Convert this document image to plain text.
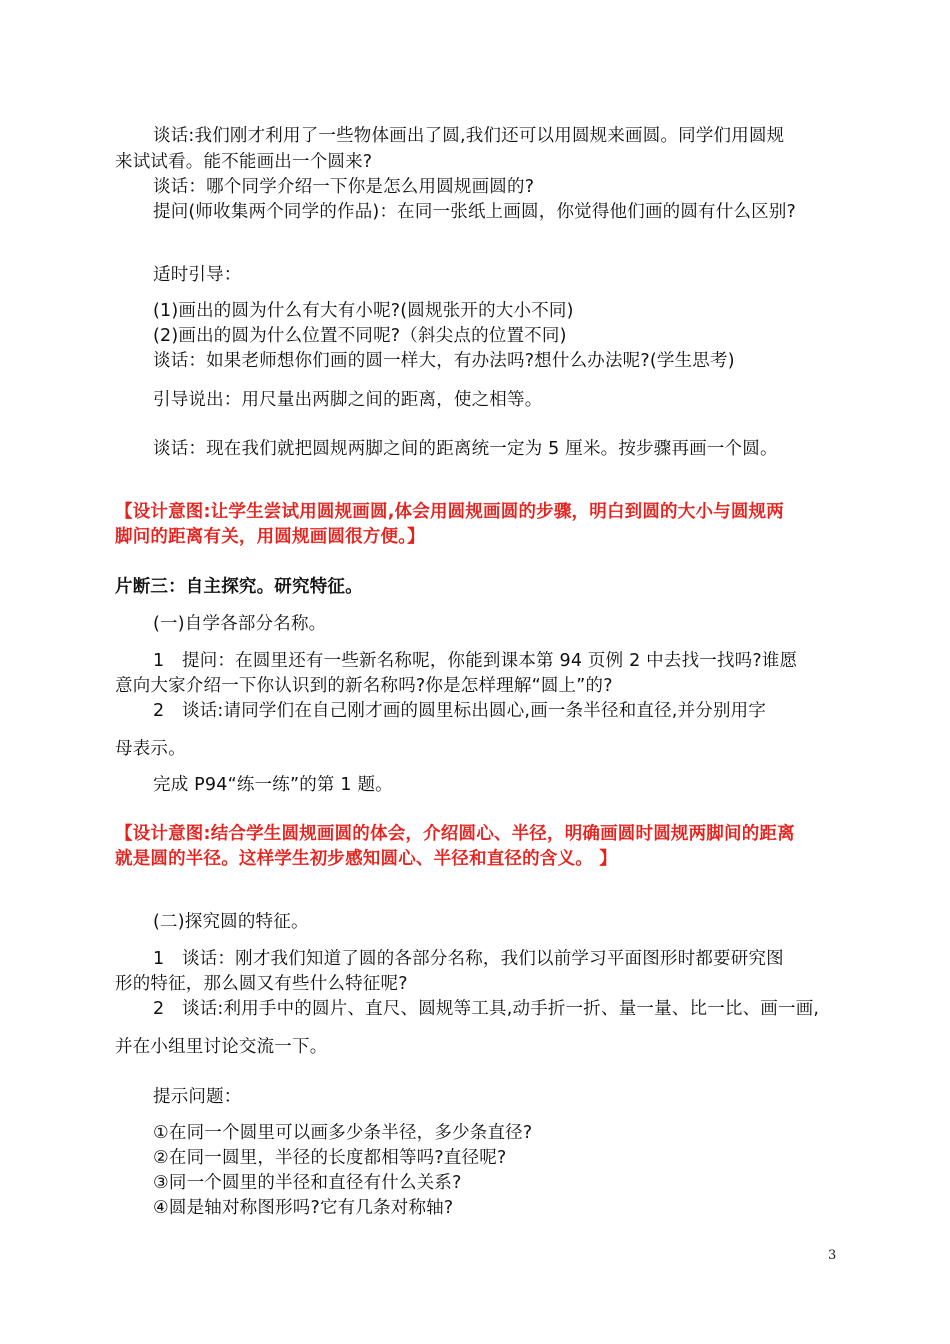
谈话:我们刚才利用了一些物体画出了圆,我们还可以用圆规来画圆。同学们用圆规
来试试看。能不能画出一个圆来?
谈话：哪个同学介绍一下你是怎么用圆规画圆的?
提问(师收集两个同学的作品)：在同一张纸上画圆，你觉得他们画的圆有什么区别?
适时引导：
(1)画出的圆为什么有大有小呢?(圆规张开的大小不同)
(2)画出的圆为什么位置不同呢?（斜尖点的位置不同)
谈话：如果老师想你们画的圆一样大，有办法吗?想什么办法呢?(学生思考)
引导说出：用尺量出两脚之间的距离，使之相等。
谈话：现在我们就把圆规两脚之间的距离统一定为 5 厘米。按步骤再画一个圆。
【设计意图:让学生尝试用圆规画圆,体会用圆规画圆的步骤，明白到圆的大小与圆规两
脚问的距离有关，用圆规画圆很方便。】
片断三：自主探究。研究特征。
(一)自学各部分名称。
1　提问：在圆里还有一些新名称呢，你能到课本第 94 页例 2 中去找一找吗?谁愿
意向大家介绍一下你认识到的新名称吗?你是怎样理解“圆上”的?
2　谈话:请同学们在自己刚才画的圆里标出圆心,画一条半径和直径,并分别用字
母表示。
完成 P94“练一练”的第 1 题。
【设计意图:结合学生圆规画圆的体会，介绍圆心、半径，明确画圆时圆规两脚间的距离
就是圆的半径。这样学生初步感知圆心、半径和直径的含义。 】
(二)探究圆的特征。
1　谈话：刚才我们知道了圆的各部分名称，我们以前学习平面图形时都要研究图
形的特征，那么圆又有些什么特征呢?
2　谈话:利用手中的圆片、直尺、圆规等工具,动手折一折、量一量、比一比、画一画,
并在小组里讨论交流一下。
提示问题：
①在同一个圆里可以画多少条半径，多少条直径?
②在同一圆里，半径的长度都相等吗?直径呢?
③同一个圆里的半径和直径有什么关系?
④圆是轴对称图形吗?它有几条对称轴?
3
